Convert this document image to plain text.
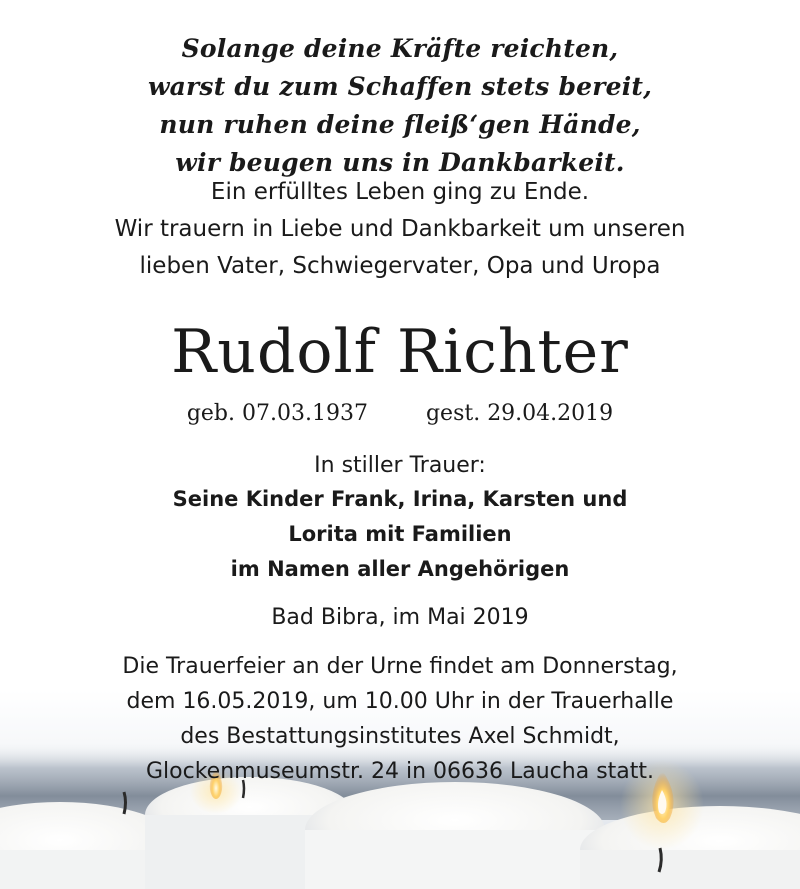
Solange deine Kräfte reichten,
warst du zum Schaffen stets bereit,
nun ruhen deine fleiß‘gen Hände,
wir beugen uns in Dankbarkeit.
Ein erfülltes Leben ging zu Ende.
Wir trauern in Liebe und Dankbarkeit um unseren
lieben Vater, Schwiegervater, Opa und Uropa
Rudolf Richter
geb. 07.03.1937	gest. 29.04.2019
In stiller Trauer:
Seine Kinder Frank, Irina, Karsten und
Lorita mit Familien
im Namen aller Angehörigen
Bad Bibra, im Mai 2019
Die Trauerfeier an der Urne findet am Donnerstag,
dem 16.05.2019, um 10.00 Uhr in der Trauerhalle
des Bestattungsinstitutes Axel Schmidt,
Glockenmuseumstr. 24 in 06636 Laucha statt.
